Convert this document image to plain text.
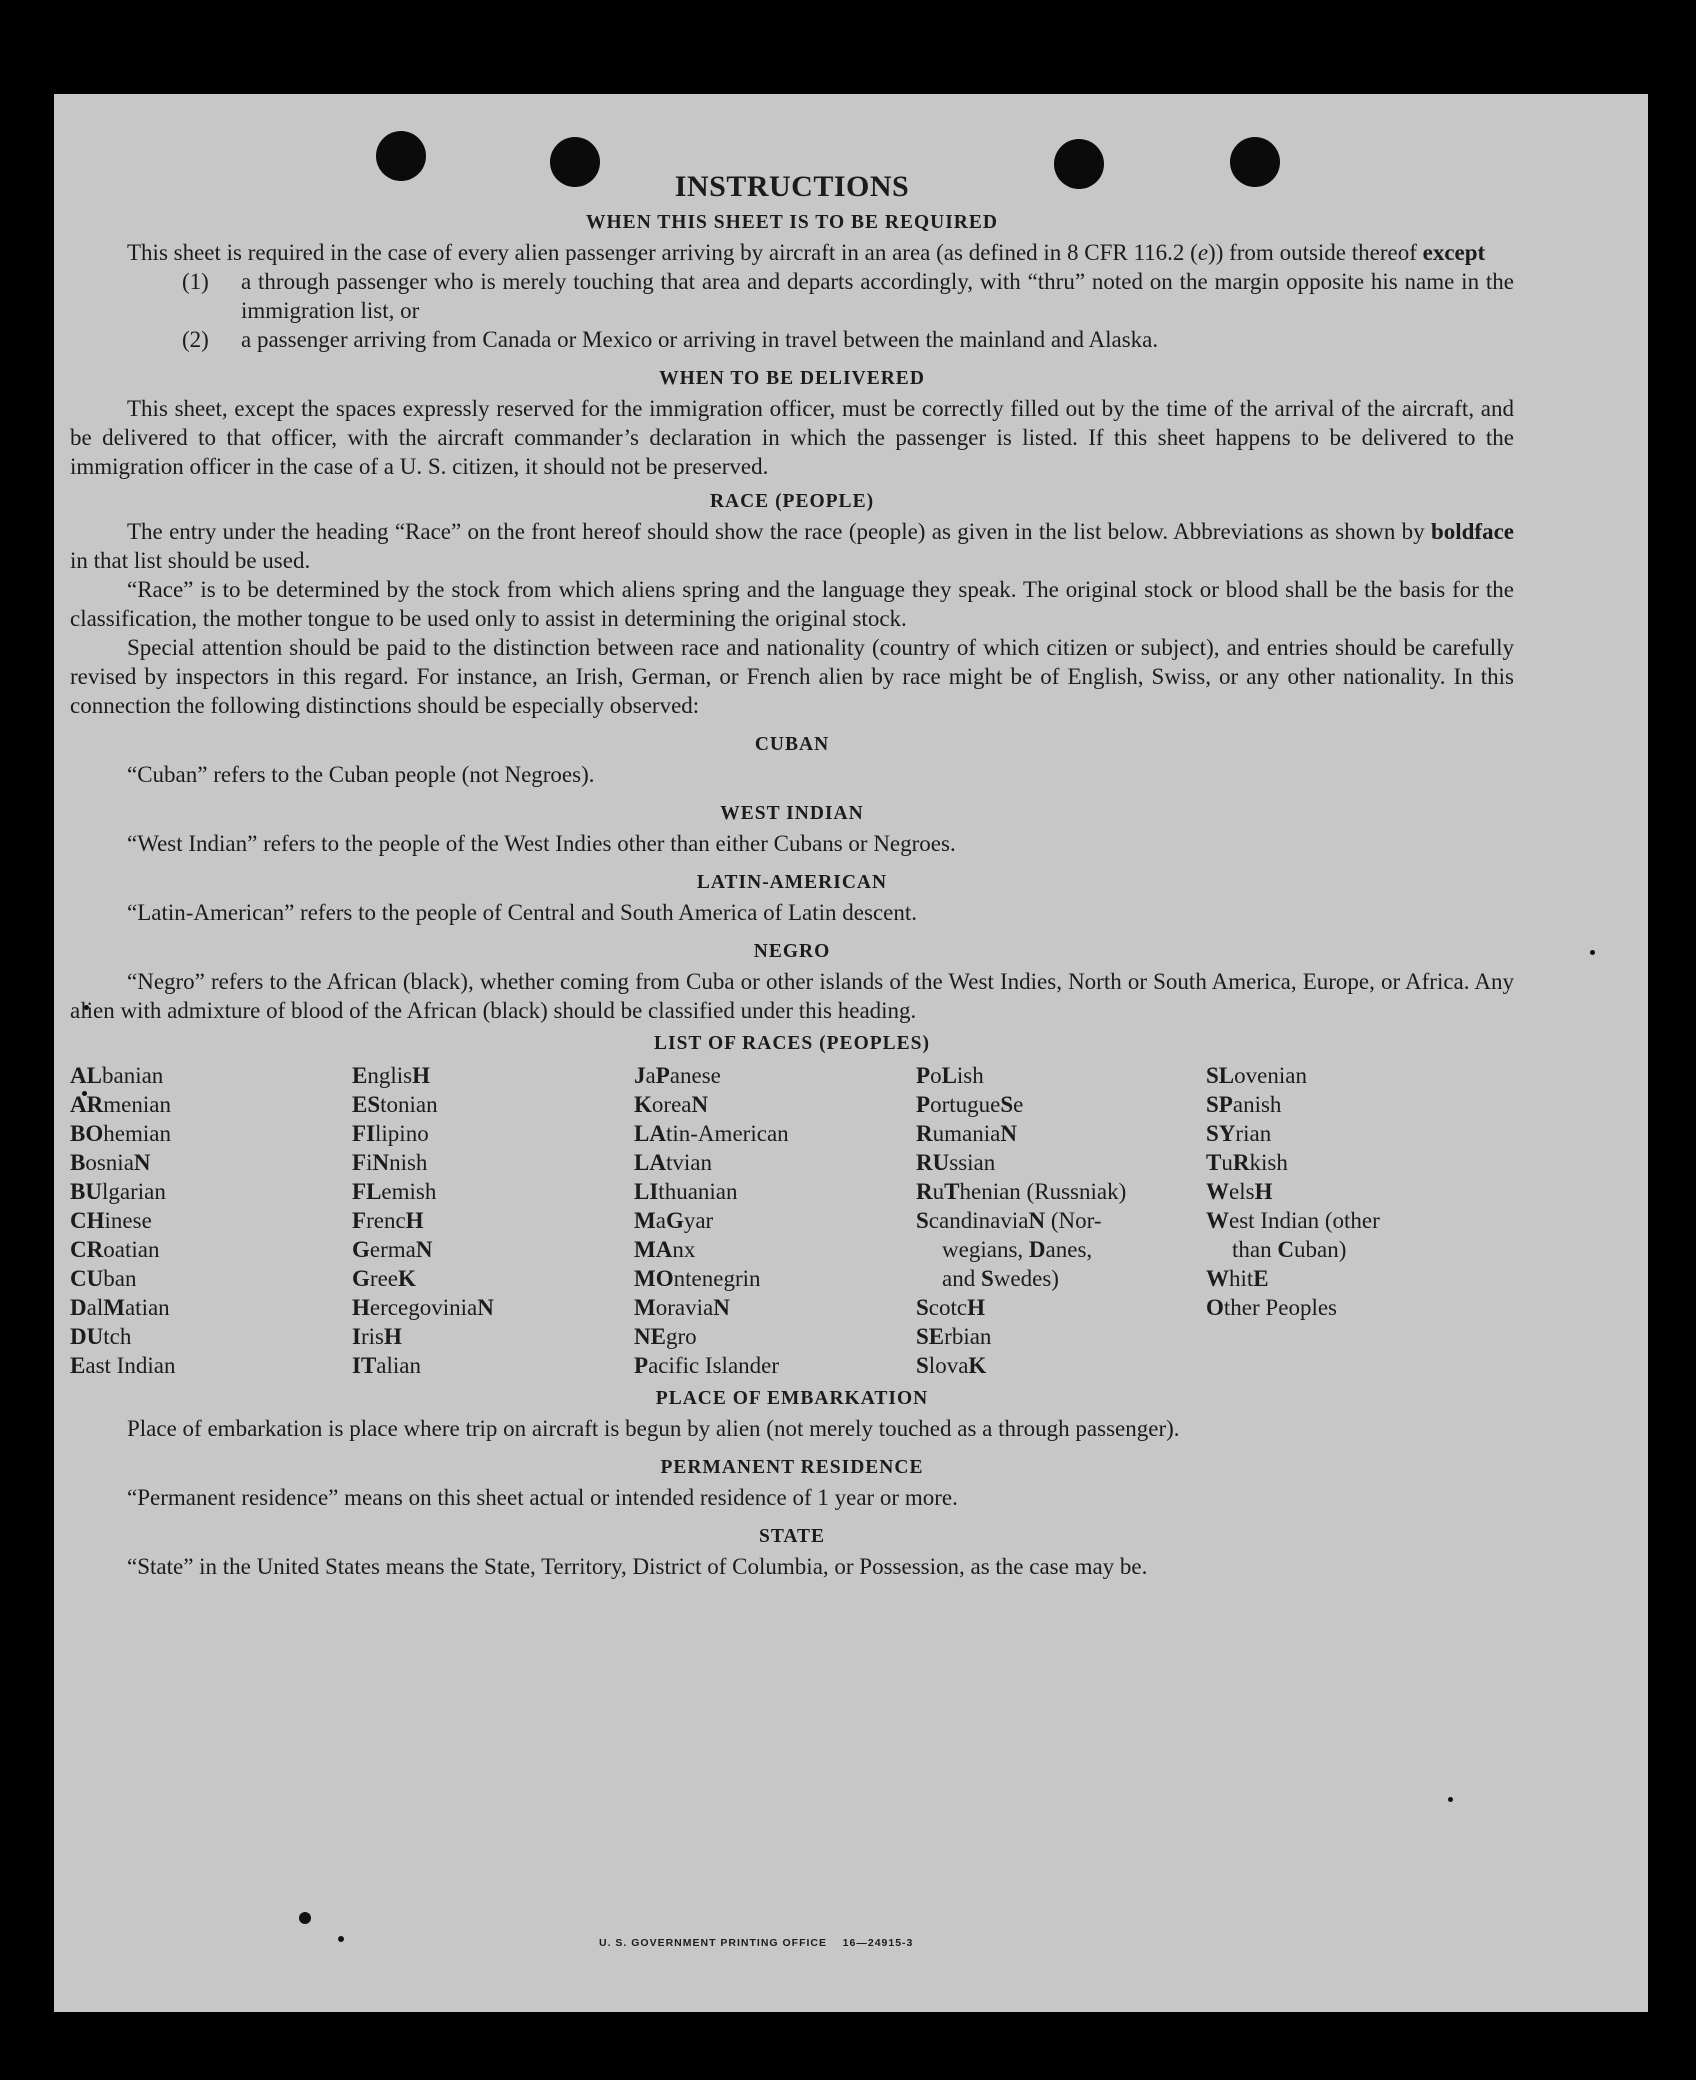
INSTRUCTIONS
WHEN THIS SHEET IS TO BE REQUIRED

This sheet is required in the case of every alien passenger arriving by aircraft in an area (as defined in 8 CFR 116.2 (e)) from outside thereof except

(1) a through passenger who is merely touching that area and departs accordingly, with “thru” noted on the margin opposite his name in the immigration list, or
(2) a passenger arriving from Canada or Mexico or arriving in travel between the mainland and Alaska.
WHEN TO BE DELIVERED

This sheet, except the spaces expressly reserved for the immigration officer, must be correctly filled out by the time of the arrival of the aircraft, and be delivered to that officer, with the aircraft commander’s declaration in which the passenger is listed. If this sheet happens to be delivered to the immigration officer in the case of a U. S. citizen, it should not be preserved.

RACE (PEOPLE)

The entry under the heading “Race” on the front hereof should show the race (people) as given in the list below. Abbreviations as shown by boldface in that list should be used.

“Race” is to be determined by the stock from which aliens spring and the language they speak. The original stock or blood shall be the basis for the classification, the mother tongue to be used only to assist in determining the original stock.

Special attention should be paid to the distinction between race and nationality (country of which citizen or subject), and entries should be carefully revised by inspectors in this regard. For instance, an Irish, German, or French alien by race might be of English, Swiss, or any other nationality. In this connection the following distinctions should be especially observed:

CUBAN

“Cuban” refers to the Cuban people (not Negroes).

WEST INDIAN

“West Indian” refers to the people of the West Indies other than either Cubans or Negroes.

LATIN-AMERICAN

“Latin-American” refers to the people of Central and South America of Latin descent.

NEGRO

“Negro” refers to the African (black), whether coming from Cuba or other islands of the West Indies, North or South America, Europe, or Africa. Any alien with admixture of blood of the African (black) should be classified under this heading.

LIST OF RACES (PEOPLES)
ALbanian
ARmenian
BOhemian
BosniaN
BUlgarian
CHinese
CRoatian
CUban
DalMatian
DUtch
East Indian
EnglisH
EStonian
FIlipino
FiNnish
FLemish
FrencH
GermaN
GreeK
HercegoviniaN
IrisH
ITalian
JaPanese
KoreaN
LAtin-American
LAtvian
LIthuanian
MaGyar
MAnx
MOntenegrin
MoraviaN
NEgro
Pacific Islander
PoLish
PortugueSe
RumaniaN
RUssian
RuThenian (Russniak)
ScandinaviaN (Nor-
wegians, Danes,
and Swedes)
ScotcH
SErbian
SlovaK
SLovenian
SPanish
SYrian
TuRkish
WelsH
West Indian (other
than Cuban)
WhitE
Other Peoples
PLACE OF EMBARKATION

Place of embarkation is place where trip on aircraft is begun by alien (not merely touched as a through passenger).

PERMANENT RESIDENCE

“Permanent residence” means on this sheet actual or intended residence of 1 year or more.

STATE

“State” in the United States means the State, Territory, District of Columbia, or Possession, as the case may be.

U. S. GOVERNMENT PRINTING OFFICE    16—24915-3
